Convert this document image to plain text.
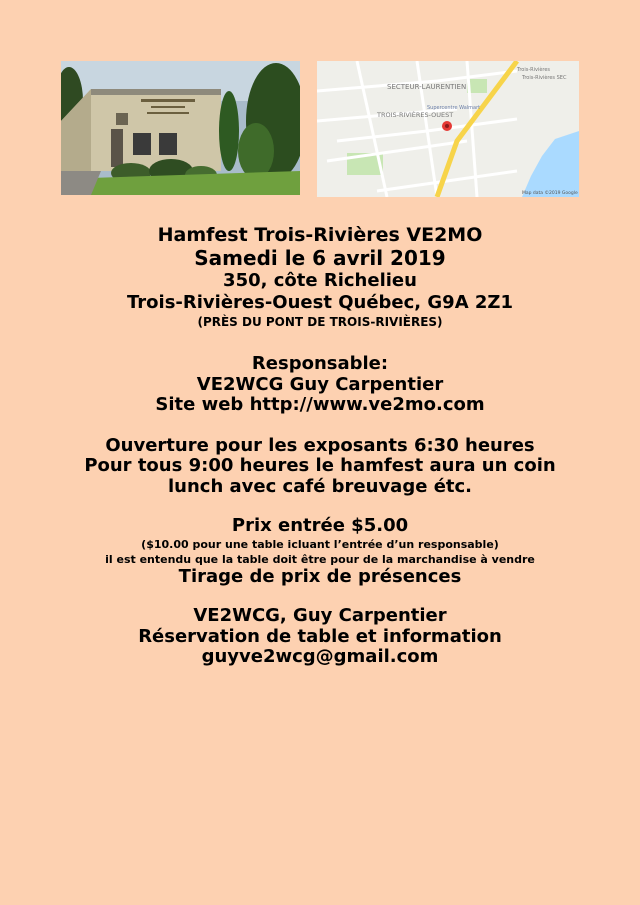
SECTEUR-LAURENTIEN
TROIS-RIVIÈRES-OUEST
Supercentre Walmart
Trois-Rivières
Trois-Rivières SEC
Map data ©2019 Google
Hamfest Trois-Rivières VE2MO
Samedi le 6 avril 2019
350, côte Richelieu
Trois-Rivières-Ouest Québec, G9A 2Z1
(PRÈS DU PONT DE TROIS-RIVIÈRES)
Responsable:
VE2WCG Guy Carpentier
Site web http://www.ve2mo.com
Ouverture pour les exposants 6:30 heures
Pour tous 9:00 heures le hamfest aura un coin
lunch avec café breuvage étc.
Prix entrée $5.00
($10.00 pour une table icluant l’entrée d’un responsable)
il est entendu que la table doit être pour de la marchandise à vendre
Tirage de prix de présences
VE2WCG, Guy Carpentier
Réservation de table et information
guyve2wcg@gmail.com
